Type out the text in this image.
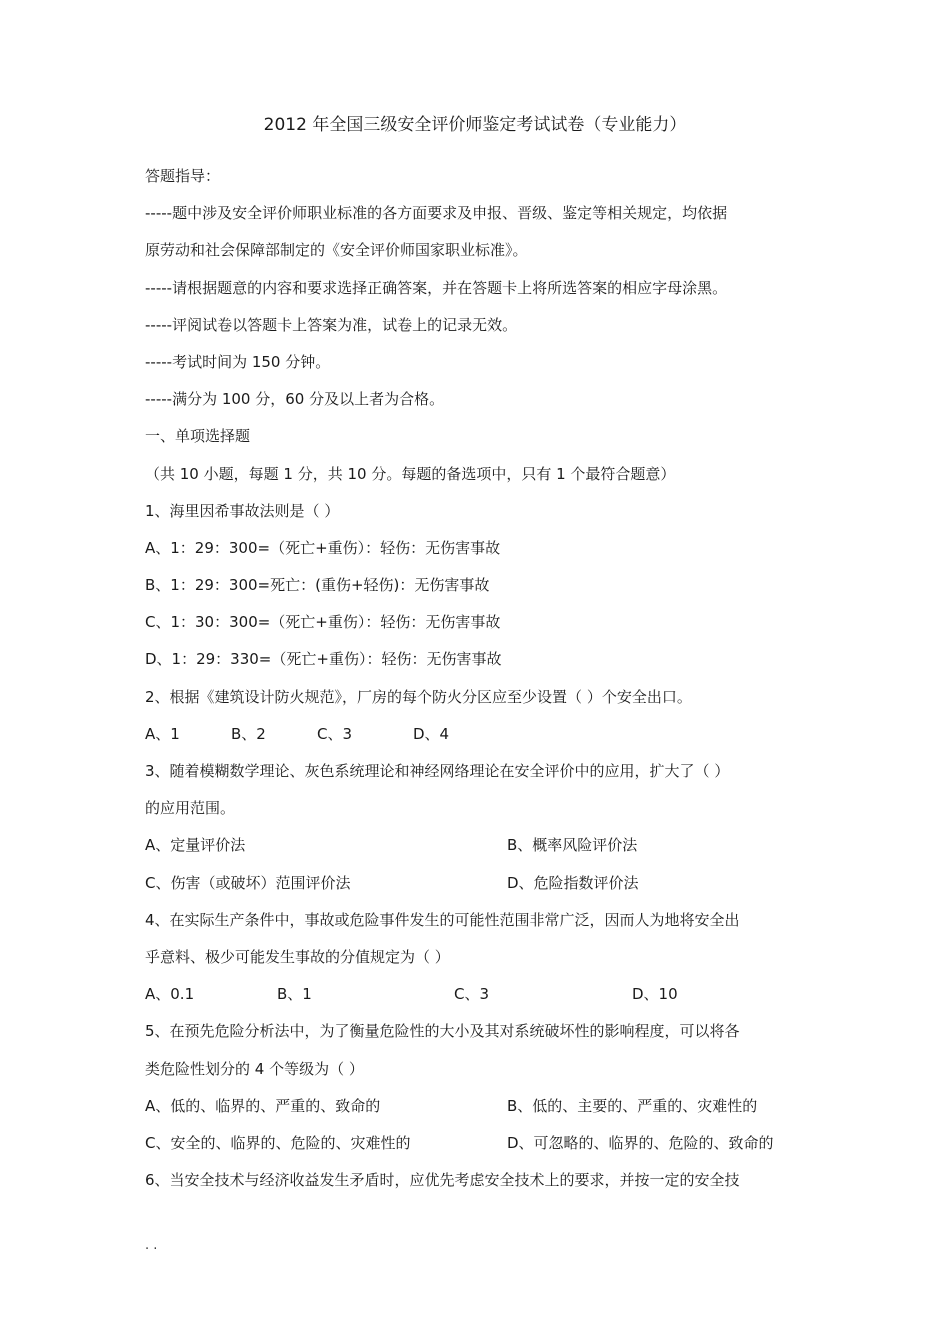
2012 年全国三级安全评价师鉴定考试试卷（专业能力）
答题指导：
-----题中涉及安全评价师职业标准的各方面要求及申报、晋级、鉴定等相关规定，均依据
原劳动和社会保障部制定的《安全评价师国家职业标准》。
-----请根据题意的内容和要求选择正确答案，并在答题卡上将所选答案的相应字母涂黑。
-----评阅试卷以答题卡上答案为准，试卷上的记录无效。
-----考试时间为 150 分钟。
-----满分为 100 分，60 分及以上者为合格。
一、单项选择题
（共 10 小题，每题 1 分，共 10 分。每题的备选项中，只有 1 个最符合题意）
1、海里因希事故法则是（ ）
A、1：29：300=（死亡+重伤）：轻伤：无伤害事故
B、1：29：300=死亡：(重伤+轻伤)：无伤害事故
C、1：30：300=（死亡+重伤）：轻伤：无伤害事故
D、1：29：330=（死亡+重伤）：轻伤：无伤害事故
2、根据《建筑设计防火规范》，厂房的每个防火分区应至少设置（ ）个安全出口。
A、1	B、2	C、3	D、4
3、随着模糊数学理论、灰色系统理论和神经网络理论在安全评价中的应用，扩大了（ ）
的应用范围。
A、定量评价法	B、概率风险评价法
C、伤害（或破坏）范围评价法	D、危险指数评价法
4、在实际生产条件中，事故或危险事件发生的可能性范围非常广泛，因而人为地将安全出
乎意料、极少可能发生事故的分值规定为（ ）
A、0.1	B、1	C、3	D、10
5、在预先危险分析法中，为了衡量危险性的大小及其对系统破坏性的影响程度，可以将各
类危险性划分的 4 个等级为（ ）
A、低的、临界的、严重的、致命的	B、低的、主要的、严重的、灾难性的
C、安全的、临界的、危险的、灾难性的	D、可忽略的、临界的、危险的、致命的
6、当安全技术与经济收益发生矛盾时，应优先考虑安全技术上的要求，并按一定的安全技
. .
